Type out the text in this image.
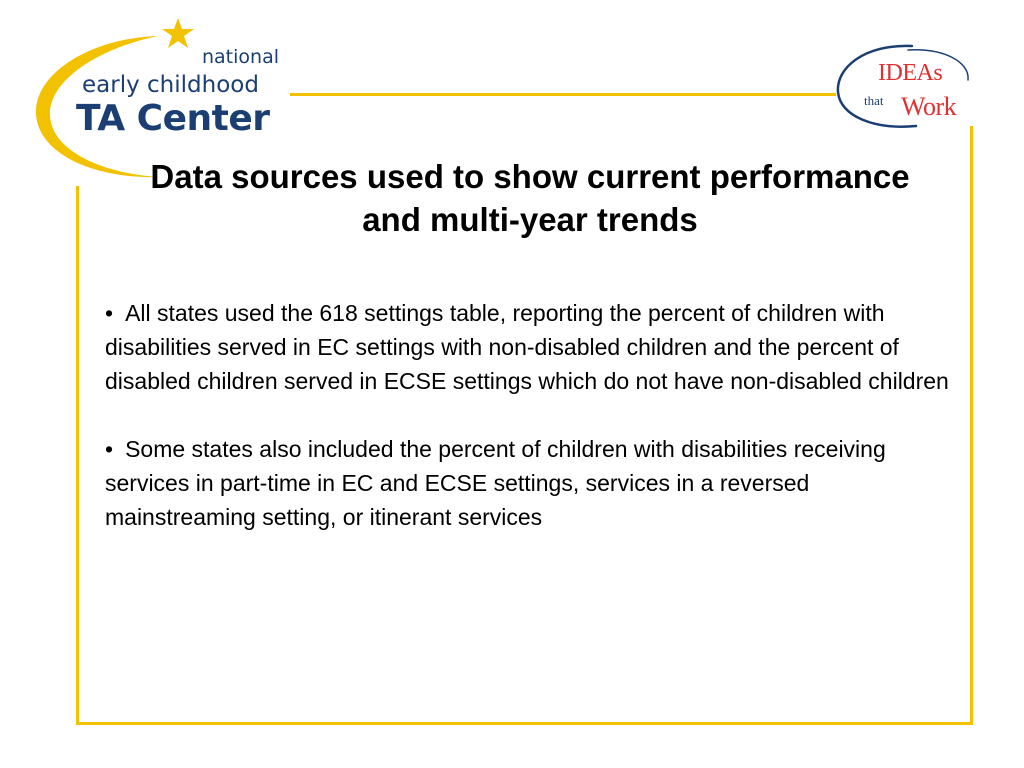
national
early childhood
TA Center
IDEAs
that Work
Data sources used to show current performance and multi-year trends

• All states used the 618 settings table, reporting the percent of children with disabilities served in EC settings with non-disabled children and the percent of disabled children served in ECSE settings which do not have non-disabled children

• Some states also included the percent of children with disabilities receiving services in part-time in EC and ECSE settings, services in a reversed mainstreaming setting, or itinerant services
